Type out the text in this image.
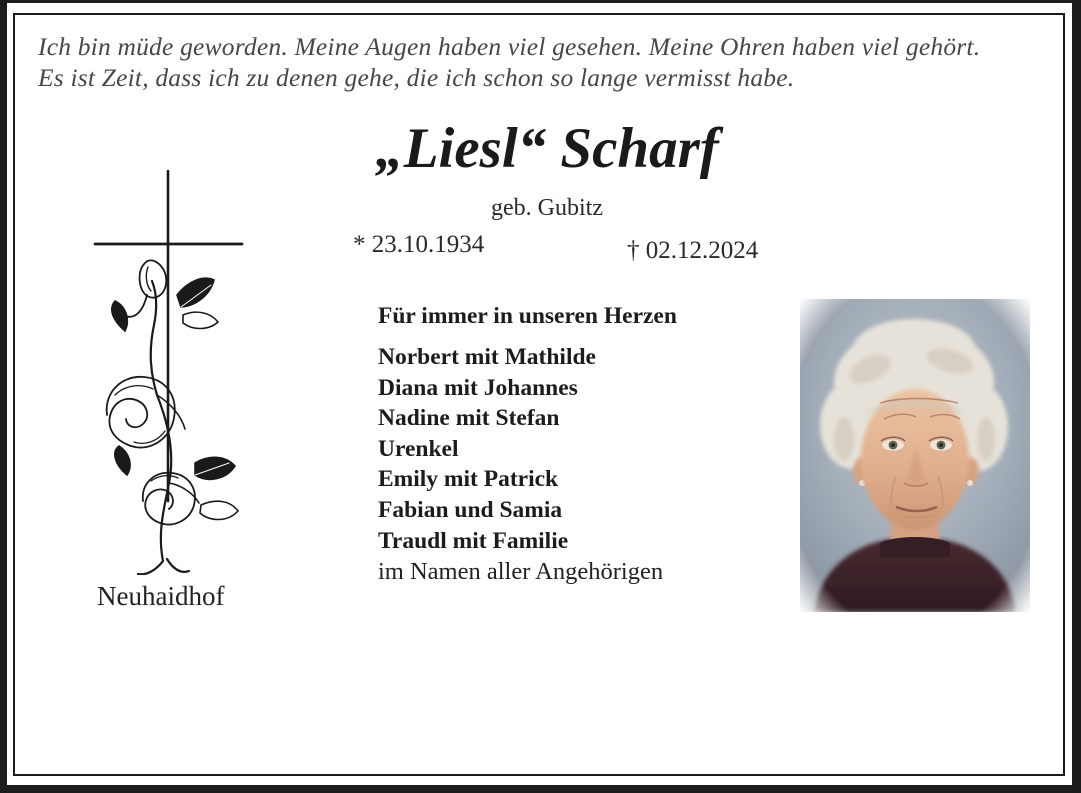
Ich bin müde geworden. Meine Augen haben viel gesehen. Meine Ohren haben viel gehört.
Es ist Zeit, dass ich zu denen gehe, die ich schon so lange vermisst habe.
„Liesl“ Scharf
geb. Gubitz
* 23.10.1934	† 02.12.2024
Für immer in unseren Herzen
Norbert mit Mathilde
Diana mit Johannes
Nadine mit Stefan
Urenkel
Emily mit Patrick
Fabian und Samia
Traudl mit Familie
im Namen aller Angehörigen
Neuhaidhof
